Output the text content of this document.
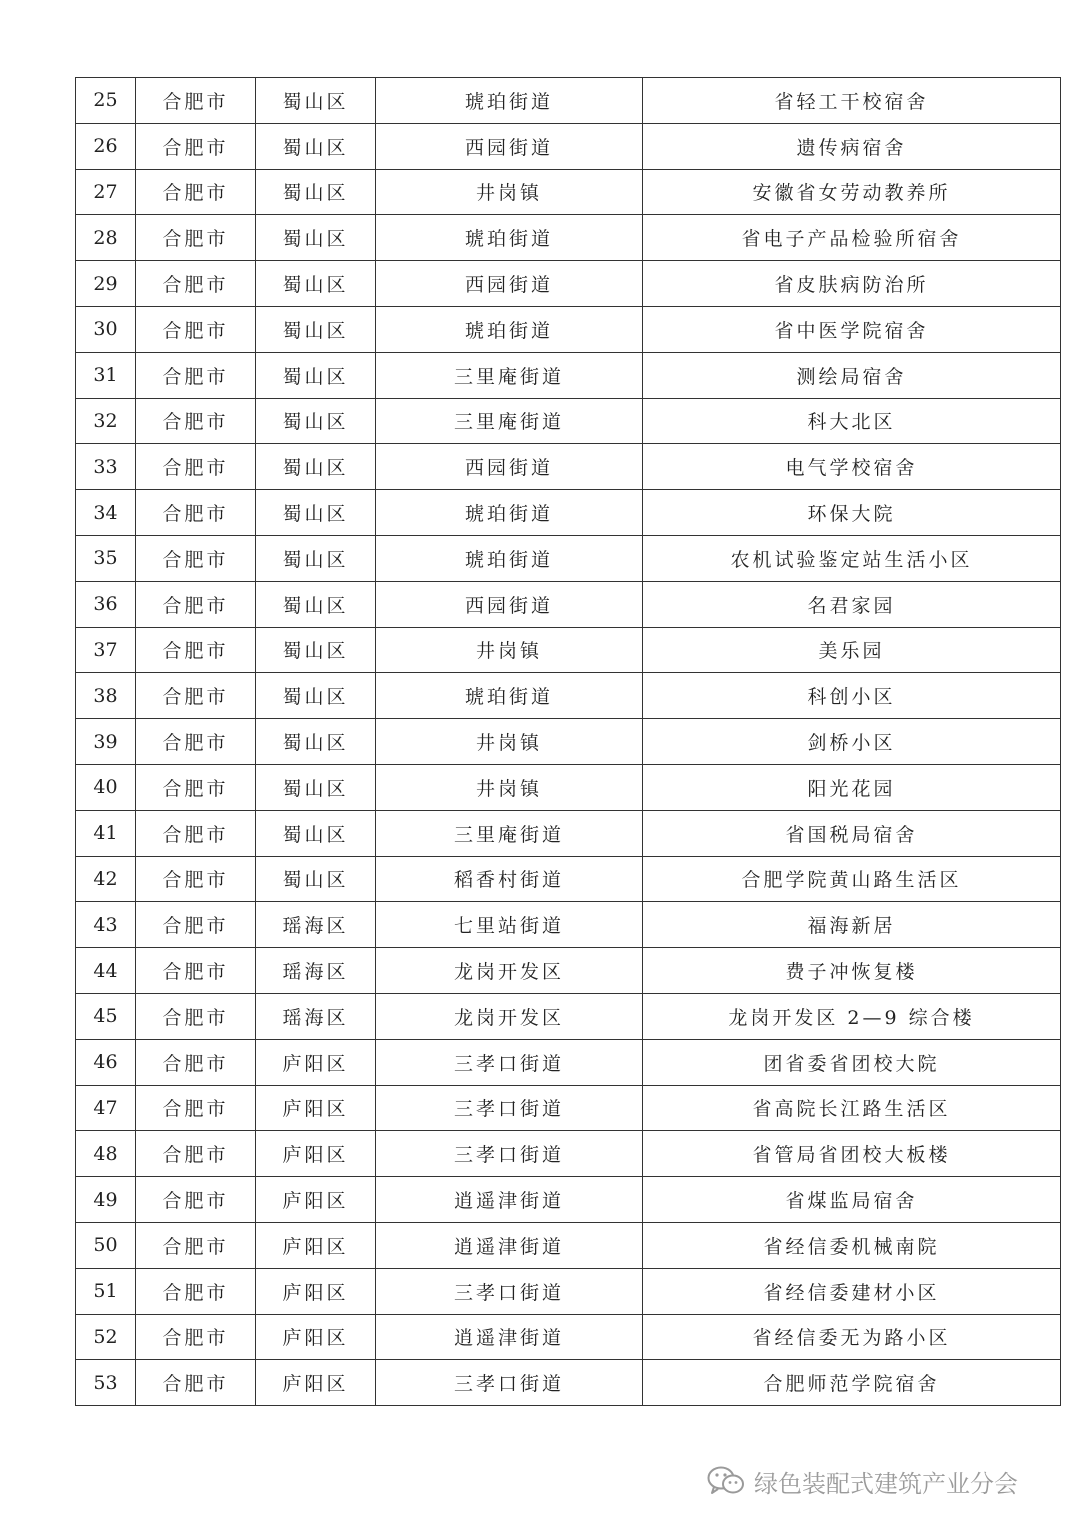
25	合肥市	蜀山区	琥珀街道	省轻工干校宿舍
26	合肥市	蜀山区	西园街道	遗传病宿舍
27	合肥市	蜀山区	井岗镇	安徽省女劳动教养所
28	合肥市	蜀山区	琥珀街道	省电子产品检验所宿舍
29	合肥市	蜀山区	西园街道	省皮肤病防治所
30	合肥市	蜀山区	琥珀街道	省中医学院宿舍
31	合肥市	蜀山区	三里庵街道	测绘局宿舍
32	合肥市	蜀山区	三里庵街道	科大北区
33	合肥市	蜀山区	西园街道	电气学校宿舍
34	合肥市	蜀山区	琥珀街道	环保大院
35	合肥市	蜀山区	琥珀街道	农机试验鉴定站生活小区
36	合肥市	蜀山区	西园街道	名君家园
37	合肥市	蜀山区	井岗镇	美乐园
38	合肥市	蜀山区	琥珀街道	科创小区
39	合肥市	蜀山区	井岗镇	剑桥小区
40	合肥市	蜀山区	井岗镇	阳光花园
41	合肥市	蜀山区	三里庵街道	省国税局宿舍
42	合肥市	蜀山区	稻香村街道	合肥学院黄山路生活区
43	合肥市	瑶海区	七里站街道	福海新居
44	合肥市	瑶海区	龙岗开发区	费子冲恢复楼
45	合肥市	瑶海区	龙岗开发区	龙岗开发区 2—9 综合楼
46	合肥市	庐阳区	三孝口街道	团省委省团校大院
47	合肥市	庐阳区	三孝口街道	省高院长江路生活区
48	合肥市	庐阳区	三孝口街道	省管局省团校大板楼
49	合肥市	庐阳区	逍遥津街道	省煤监局宿舍
50	合肥市	庐阳区	逍遥津街道	省经信委机械南院
51	合肥市	庐阳区	三孝口街道	省经信委建材小区
52	合肥市	庐阳区	逍遥津街道	省经信委无为路小区
53	合肥市	庐阳区	三孝口街道	合肥师范学院宿舍
绿色装配式建筑产业分会
